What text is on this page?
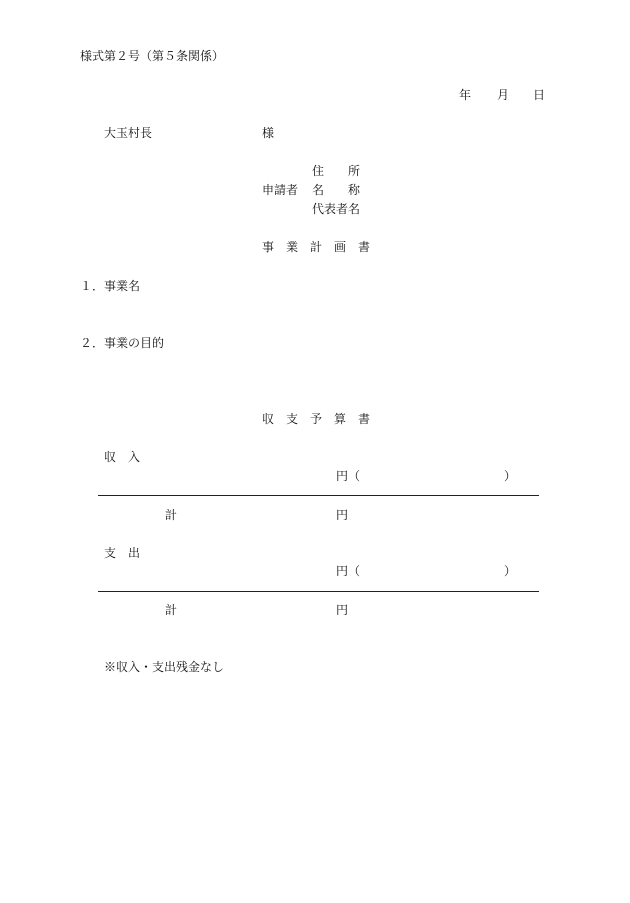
様式第２号（第５条関係）
年 月 日
大玉村長	様
住　　所
申請者 名　　称
代表者名
事　業　計　画　書
１．事業名
２．事業の目的
収　支　予　算　書
収　入
円（　　　　　　　　　　　　）
計	円
支　出
円（　　　　　　　　　　　　）
計	円
※収入・支出残金なし
